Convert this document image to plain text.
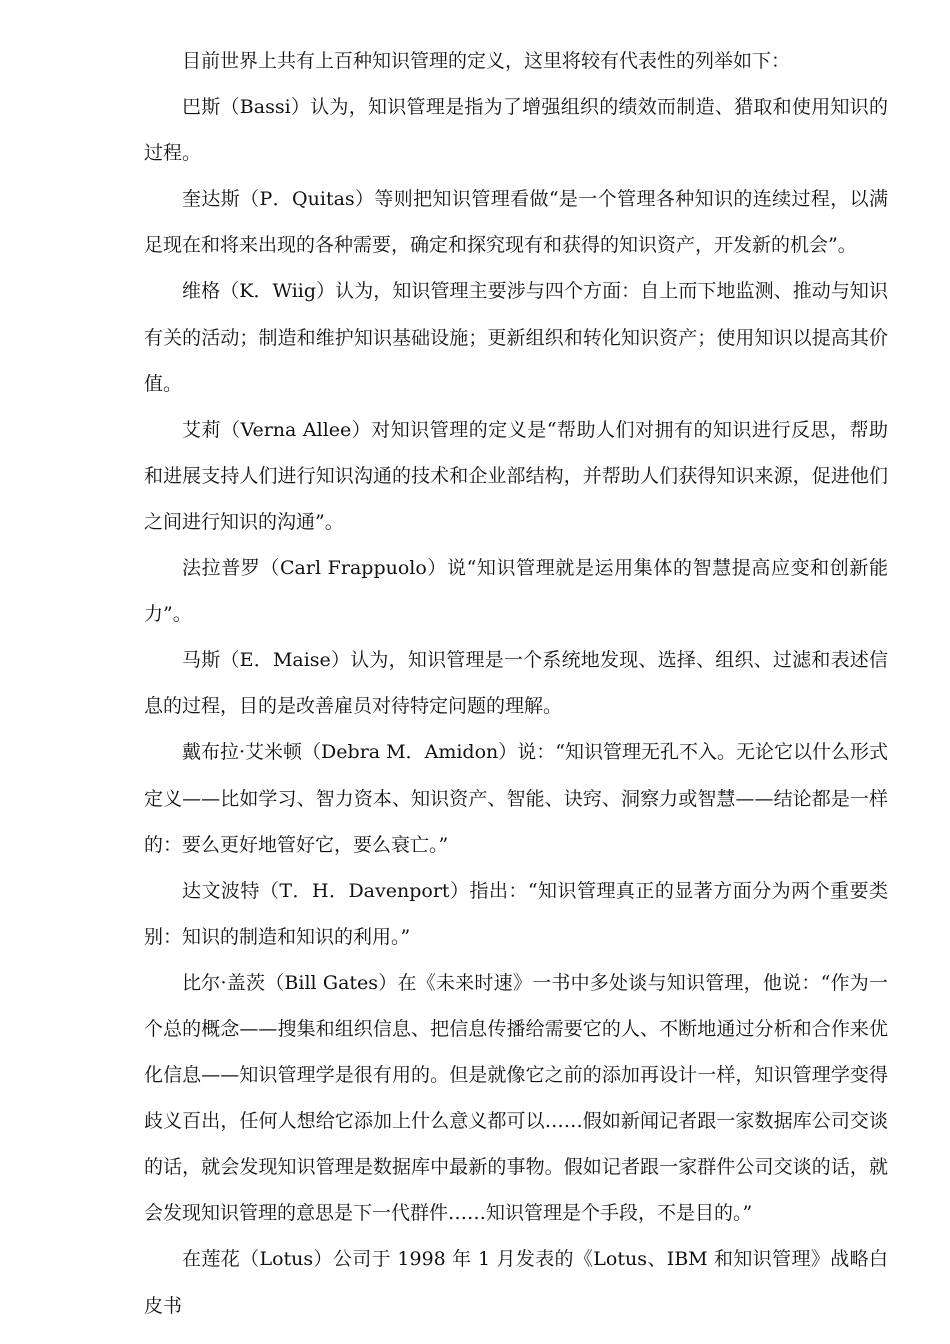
目前世界上共有上百种知识管理的定义，这里将较有代表性的列举如下：

巴斯（Bassi）认为，知识管理是指为了增强组织的绩效而制造、猎取和使用知识的过程。

奎达斯（P．Quitas）等则把知识管理看做“是一个管理各种知识的连续过程，以满足现在和将来出现的各种需要，确定和探究现有和获得的知识资产，开发新的机会”。

维格（K．Wiig）认为，知识管理主要涉与四个方面：自上而下地监测、推动与知识有关的活动；制造和维护知识基础设施；更新组织和转化知识资产；使用知识以提高其价值。

艾莉（Verna Allee）对知识管理的定义是“帮助人们对拥有的知识进行反思，帮助和进展支持人们进行知识沟通的技术和企业部结构，并帮助人们获得知识来源，促进他们之间进行知识的沟通”。

法拉普罗（Carl Frappuolo）说“知识管理就是运用集体的智慧提高应变和创新能力”。

马斯（E．Maise）认为，知识管理是一个系统地发现、选择、组织、过滤和表述信息的过程，目的是改善雇员对待特定问题的理解。

戴布拉·艾米顿（Debra M．Amidon）说：“知识管理无孔不入。无论它以什么形式定义——比如学习、智力资本、知识资产、智能、诀窍、洞察力或智慧——结论都是一样的：要么更好地管好它，要么衰亡。”

达文波特（T．H．Davenport）指出：“知识管理真正的显著方面分为两个重要类别：知识的制造和知识的利用。”

比尔·盖茨（Bill Gates）在《未来时速》一书中多处谈与知识管理，他说：“作为一个总的概念——搜集和组织信息、把信息传播给需要它的人、不断地通过分析和合作来优化信息——知识管理学是很有用的。但是就像它之前的添加再设计一样，知识管理学变得歧义百出，任何人想给它添加上什么意义都可以……假如新闻记者跟一家数据库公司交谈的话，就会发现知识管理是数据库中最新的事物。假如记者跟一家群件公司交谈的话，就会发现知识管理的意思是下一代群件……知识管理是个手段，不是目的。”

在莲花（Lotus）公司于 1998 年 1 月发表的《Lotus、IBM 和知识管理》战略白皮书
